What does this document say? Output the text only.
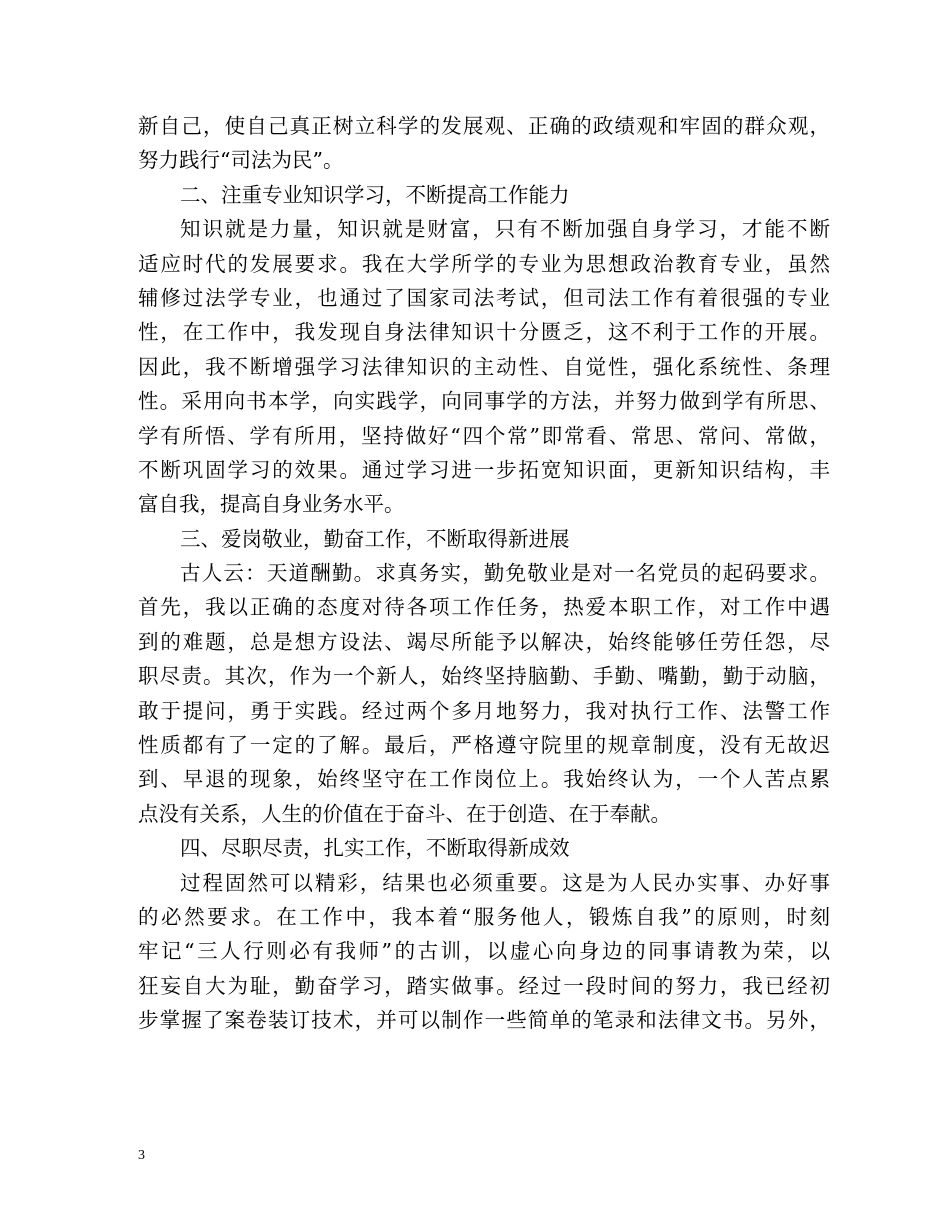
新自己，使自己真正树立科学的发展观、正确的政绩观和牢固的群众观，
努力践行“司法为民”。
二、注重专业知识学习，不断提高工作能力
知识就是力量，知识就是财富，只有不断加强自身学习，才能不断
适应时代的发展要求。我在大学所学的专业为思想政治教育专业，虽然
辅修过法学专业，也通过了国家司法考试，但司法工作有着很强的专业
性，在工作中，我发现自身法律知识十分匮乏，这不利于工作的开展。
因此，我不断增强学习法律知识的主动性、自觉性，强化系统性、条理
性。采用向书本学，向实践学，向同事学的方法，并努力做到学有所思、
学有所悟、学有所用，坚持做好“四个常”即常看、常思、常问、常做，
不断巩固学习的效果。通过学习进一步拓宽知识面，更新知识结构，丰
富自我，提高自身业务水平。
三、爱岗敬业，勤奋工作，不断取得新进展
古人云：天道酬勤。求真务实，勤免敬业是对一名党员的起码要求。
首先，我以正确的态度对待各项工作任务，热爱本职工作，对工作中遇
到的难题，总是想方设法、竭尽所能予以解决，始终能够任劳任怨，尽
职尽责。其次，作为一个新人，始终坚持脑勤、手勤、嘴勤，勤于动脑，
敢于提问，勇于实践。经过两个多月地努力，我对执行工作、法警工作
性质都有了一定的了解。最后，严格遵守院里的规章制度，没有无故迟
到、早退的现象，始终坚守在工作岗位上。我始终认为，一个人苦点累
点没有关系，人生的价值在于奋斗、在于创造、在于奉献。
四、尽职尽责，扎实工作，不断取得新成效
过程固然可以精彩，结果也必须重要。这是为人民办实事、办好事
的必然要求。在工作中，我本着“服务他人，锻炼自我”的原则，时刻
牢记“三人行则必有我师”的古训，以虚心向身边的同事请教为荣，以
狂妄自大为耻，勤奋学习，踏实做事。经过一段时间的努力，我已经初
步掌握了案卷装订技术，并可以制作一些简单的笔录和法律文书。另外，
3
